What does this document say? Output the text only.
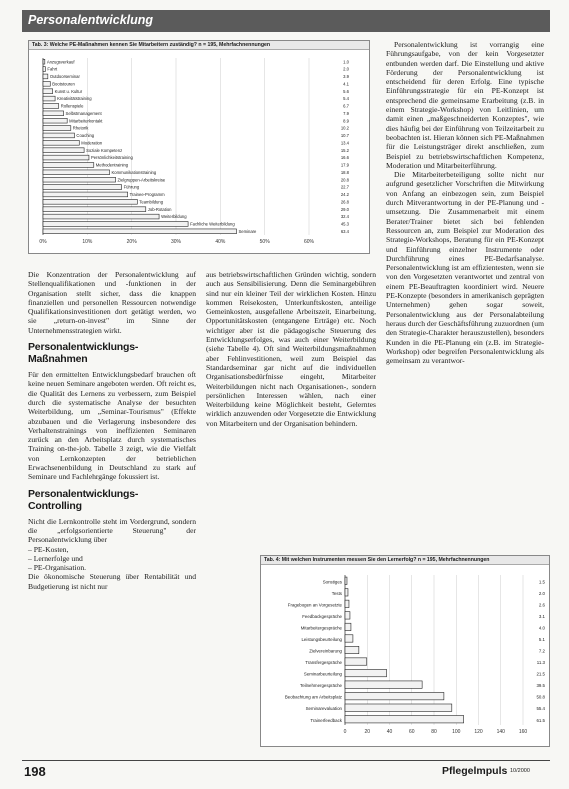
Personalentwicklung
Tab. 3: Welche PE-Maßnahmen kennen Sie Mitarbeitern zuständig? n = 195, Mehrfachnennungen
0%	10%	20%	30%	40%	50%	60%
Anzugsverkauf	1.0
Fahrt	2.0
Outdoorseminar	3.9
Bootstouren	4.1
Kunst u. Kultur	5.6
Kreativitätstraining	5.4
Rollenspiele	6.7
Selbstmanagement	7.9
Mitarbeiterkontakt	8.9
Rhetorik	10.2
Coaching	10.7
Moderation	13.4
Soziale Kompetenz	15.2
Persönlichkeitstraining	16.6
Methodentraining	17.9
Kommunikationstraining	18.8
Zielgruppen-Arbeitskreise	20.8
Führung	22.7
Trainee-Programm	24.2
Teambildung	26.8
Job-Rotation	29.0
Weiterbildung	32.4
Fachliche Weiterbildung	45.3
Seminare	63.4

Die Konzentration der Personalentwicklung auf Stellenqualifikationen und -funktionen in der Organisation stellt sicher, dass die knappen finanziellen und personellen Ressourcen notwendige Qualifikationsinvestitionen dort getätigt werden, wo sie „return-on-invest" im Sinne der Unternehmensstrategien wirkt.

Personalentwicklungs-
Maßnahmen

Für den ermittelten Entwicklungsbedarf brauchen oft keine neuen Seminare angeboten werden. Oft reicht es, die Qualität des Lernens zu verbessern, zum Beispiel durch die systematische Analyse der besuchten Weiterbildung, um „Seminar-Tourismus" (Effekte abzubauen und die Verlagerung insbesondere des Verhaltenstrainings von ineffizienten Seminaren zurück an den Arbeitsplatz durch systematisches Training on-the-job. Tabelle 3 zeigt, wie die Vielfalt von Lernkonzepten der betrieblichen Erwachsenenbildung in Deutschland zu stark auf Seminare und Fachlehrgänge fokussiert ist.

Personalentwicklungs-
Controlling

Nicht die Lernkontrolle steht im Vordergrund, sondern die „erfolgsorientierte Steuerung" der Personalentwicklung über

– PE-Kosten,
– Lernerfolge und
– PE-Organisation.

Die ökonomische Steuerung über Rentabilität und Budgetierung ist nicht nur

aus betriebswirtschaftlichen Gründen wichtig, sondern auch aus Sensibilisierung. Denn die Seminargebühren sind nur ein kleiner Teil der wirklichen Kosten. Hinzu kommen Reisekosten, Unterkunftskosten, anteilige Gemeinkosten, ausgefallene Arbeitszeit, Einarbeitung, Opportunitätskosten (entgangene Erträge) etc. Noch wichtiger aber ist die pädagogische Steuerung des Entwicklungserfolges, was auch einer Weiterbildung (siehe Tabelle 4). Oft sind Weiterbildungsmaßnahmen aber Fehlinvestitionen, weil zum Beispiel das Standardseminar gar nicht auf die individuellen Organisationsbedürfnisse eingeht, Mitarbeiter Weiterbildungen nicht nach Organisationen-, sondern persönlichen Interessen wählen, nach einer Weiterbildung keine Möglichkeit besteht, Gelerntes wirklich anzuwenden oder Vorgesetzte die Entwicklung von Mitarbeitern und der Organisation behindern.

Personalentwicklung ist vorrangig eine Führungsaufgabe, von der kein Vorgesetzter entbunden werden darf. Die Einstellung und aktive Förderung der Personalentwicklung ist entscheidend für deren Erfolg. Eine typische Einführungsstrategie für ein PE-Konzept ist entsprechend die gemeinsame Erarbeitung (z.B. in einem Strategie-Workshop) von Leitlinien, um damit einen „maßgeschneiderten Konzeptes", wie dies häufig bei der Einführung von Teilzeitarbeit zu beobachten ist. Hieran können sich PE-Maßnahmen für die Leistungsträger direkt anschließen, zum Beispiel zu betriebswirtschaftlichen Kompetenz, Moderation und Mitarbeiterführung.

Die Mitarbeiterbeteiligung sollte nicht nur aufgrund gesetzlicher Vorschriften die Mitwirkung von Anfang an einbezogen sein, zum Beispiel durch Mitverantwortung in der PE-Planung und -umsetzung. Die Zusammenarbeit mit einem Berater/Trainer bietet sich bei fehlenden Ressourcen an, zum Beispiel zur Moderation des Strategie-Workshops, Beratung für ein PE-Konzept und Einführung einzelner Instrumente oder Durchführung eines PE-Bedarfsanalyse. Personalentwicklung ist am effizientesten, wenn sie von den Vorgesetzten verantwortet und zentral von einem PE-Beauftragten koordiniert wird. Neuere PE-Konzepte (besonders in amerikanisch geprägten Unternehmen) gehen sogar soweit, Personalentwicklung aus der Personalabteilung heraus durch der Geschäftsführung zuzuordnen (um den Strategie-Charakter herauszustellen), besonders Kunden in die PE-Planung ein (z.B. im Strategie-Workshop) oder begreifen Personalentwicklung als gemeinsam zu verantwor-

Tab. 4: Mit welchen Instrumenten messen Sie den Lernerfolg? n = 195, Mehrfachnennungen
0	20	40	60	80	100	120	140	160
Sonstiges	1.5
Tests	2.0
Fragebogen an Vorgesetzte	2.6
Feedbackgespräche	3.1
Mitarbeitergespräche	4.0
Leistungsbeurteilung	5.1
Zielvereinbarung	7.2
Transfergespräche	11.3
Seminarbeurteilung	21.5
Teilnehmergespräche	39.5
Beobachtung am Arbeitsplatz	50.8
Seminarevaluation	55.4
Trainerfeedback	61.5
198	Pflegelmpuls 10/2000
